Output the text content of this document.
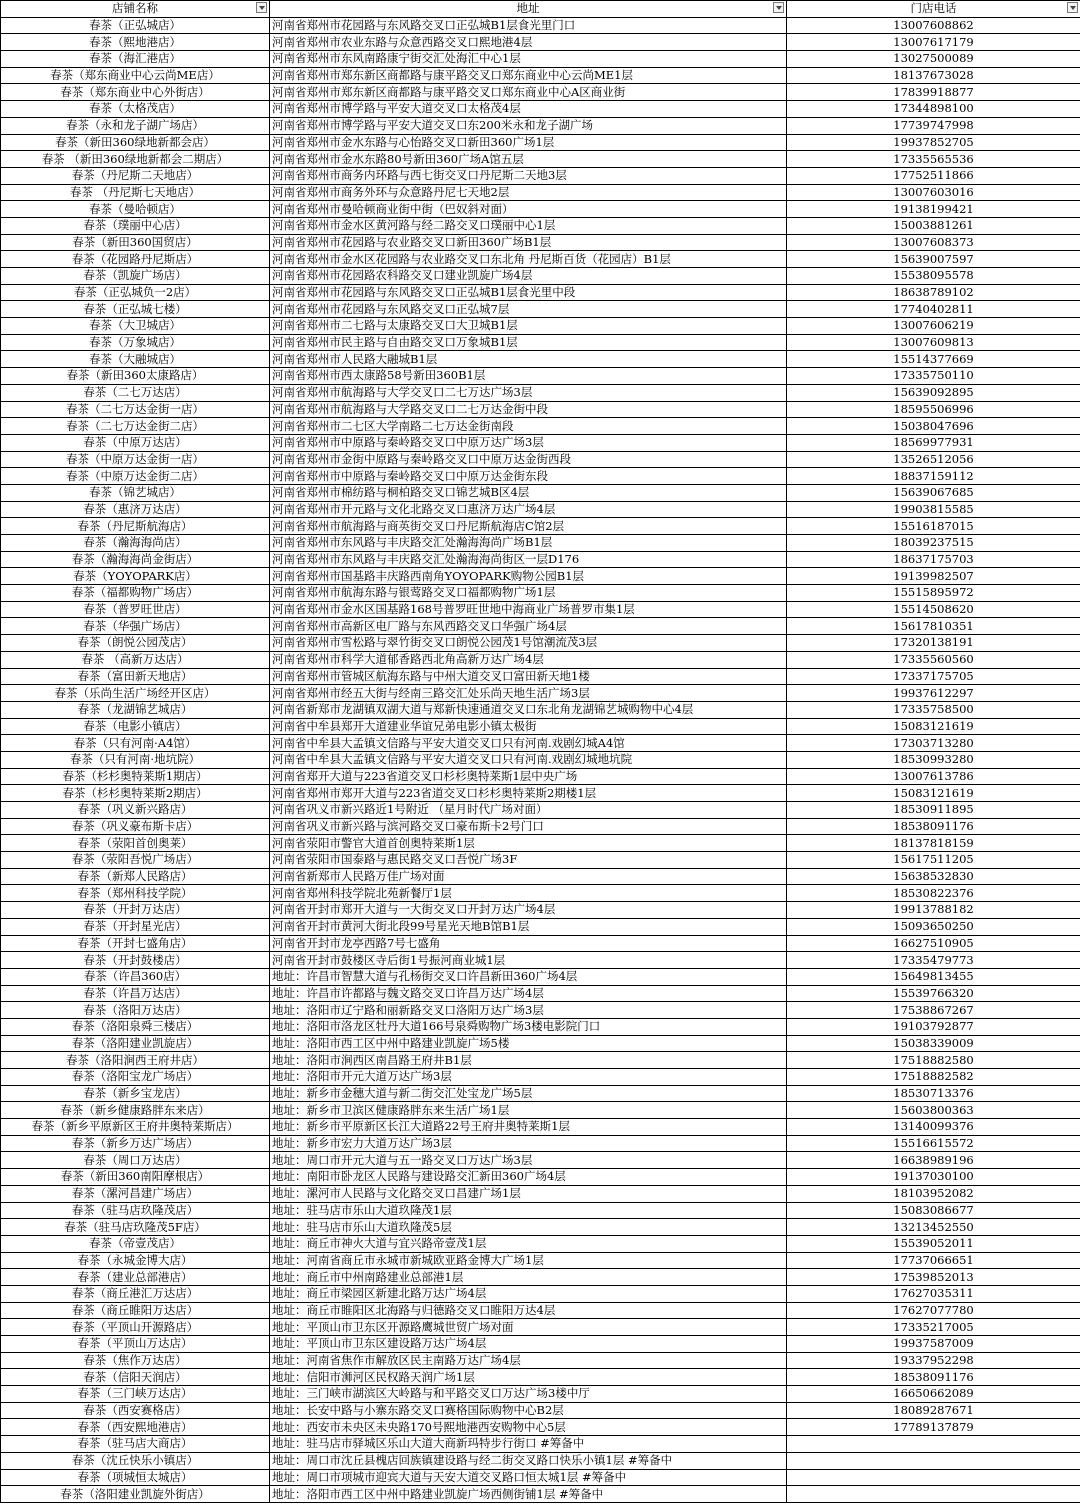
店铺名称	地址	门店电话

春茶（正弘城店）	河南省郑州市花园路与东风路交叉口正弘城B1层食光里门口	13007608862
春茶（熙地港店）	河南省郑州市农业东路与众意西路交叉口熙地港4层	13007617179
春茶（海汇港店）	河南省郑州市东风南路康宁街交汇处海汇中心1层	13027500089
春茶（郑东商业中心云尚ME店）	河南省郑州市郑东新区商都路与康平路交叉口郑东商业中心云尚ME1层	18137673028
春茶（郑东商业中心外街店）	河南省郑州市郑东新区商都路与康平路交叉口郑东商业中心A区商业街	17839918877
春茶（太格茂店）	河南省郑州市博学路与平安大道交叉口太格茂4层	17344898100
春茶（永和龙子湖广场店）	河南省郑州市博学路与平安大道交叉口东200米永和龙子湖广场	17739747998
春茶（新田360绿地新都会店）	河南省郑州市金水东路与心怡路交叉口新田360广场1层	19937852705
春茶 （新田360绿地新都会二期店）	河南省郑州市金水东路80号新田360广场A馆五层	17335565536
春茶（丹尼斯二天地店）	河南省郑州市商务内环路与西七街交叉口丹尼斯二天地3层	17752511866
春茶 （丹尼斯七天地店）	河南省郑州市商务外环与众意路丹尼七天地2层	13007603016
春茶（曼哈顿店）	河南省郑州市曼哈顿商业街中街（巴奴斜对面）	19138199421
春茶（璞丽中心店）	河南省郑州市金水区黄河路与经二路交叉口璞丽中心1层	15003881261
春茶（新田360国贸店）	河南省郑州市花园路与农业路交叉口新田360广场B1层	13007608373
春茶（花园路丹尼斯店）	河南省郑州市金水区花园路与农业路交叉口东北角 丹尼斯百货（花园店）B1层	15639007597
春茶（凯旋广场店）	河南省郑州市花园路农科路交叉口建业凯旋广场4层	15538095578
春茶（正弘城负一2店）	河南省郑州市花园路与东风路交叉口正弘城B1层食光里中段	18638789102
春茶（正弘城七楼）	河南省郑州市花园路与东风路交叉口正弘城7层	17740402811
春茶（大卫城店）	河南省郑州市二七路与太康路交叉口大卫城B1层	13007606219
春茶（万象城店）	河南省郑州市民主路与自由路交叉口万象城B1层	13007609813
春茶（大融城店）	河南省郑州市人民路大融城B1层	15514377669
春茶（新田360太康路店）	河南省郑州市西太康路58号新田360B1层	17335750110
春茶（二七万达店）	河南省郑州市航海路与大学交叉口二七万达广场3层	15639092895
春茶（二七万达金街一店）	河南省郑州市航海路与大学路交叉口二七万达金街中段	18595506996
春茶（二七万达金街二店）	河南省郑州市二七区大学南路二七万达金街南段	15038047696
春茶（中原万达店）	河南省郑州市中原路与秦岭路交叉口中原万达广场3层	18569977931
春茶（中原万达金街一店）	河南省郑州市金街中原路与秦岭路交叉口中原万达金街西段	13526512056
春茶（中原万达金街二店）	河南省郑州市中原路与秦岭路交叉口中原万达金街东段	18837159112
春茶（锦艺城店）	河南省郑州市棉纺路与桐柏路交叉口锦艺城B区4层	15639067685
春茶（惠济万达店）	河南省郑州市开元路与文化北路交叉口惠济万达广场4层	19903815585
春茶（丹尼斯航海店）	河南省郑州市航海路与商英街交叉口丹尼斯航海店C馆2层	15516187015
春茶（瀚海海尚店）	河南省郑州市东风路与丰庆路交汇处瀚海海尚广场B1层	18039237515
春茶（瀚海海尚金街店）	河南省郑州市东风路与丰庆路交汇处瀚海海尚街区一层D176	18637175703
春茶（YOYOPARK店）	河南省郑州市国基路丰庆路西南角YOYOPARK购物公园B1层	19139982507
春茶（福都购物广场店）	河南省郑州市航海东路与银莺路交叉口福都购物广场1层	15515895972
春茶（普罗旺世店）	河南省郑州市金水区国基路168号普罗旺世地中海商业广场普罗市集1层	15514508620
春茶（华强广场店）	河南省郑州市高新区电厂路与东风西路交叉口华强广场4层	15617810351
春茶（朗悦公园茂店）	河南省郑州市雪松路与翠竹街交叉口朗悦公园茂1号馆潮流茂3层	17320138191
春茶 （高新万达店）	河南省郑州市科学大道郁香路西北角高新万达广场4层	17335560560
春茶（富田新天地店）	河南省郑州市管城区航海东路与中州大道交叉口富田新天地1楼	17337175705
春茶（乐尚生活广场经开区店）	河南省郑州市经五大街与经南三路交汇处乐尚天地生活广场3层	19937612297
春茶（龙湖锦艺城店）	河南省新郑市龙湖镇双湖大道与郑新快速通道交叉口东北角龙湖锦艺城购物中心4层	17335758500
春茶（电影小镇店）	河南省中牟县郑开大道建业华谊兄弟电影小镇太极街	15083121619
春茶（只有河南·A4馆）	河南省中牟县大孟镇文信路与平安大道交叉口只有河南.戏剧幻城A4馆	17303713280
春茶（只有河南·地坑院）	河南省中牟县大孟镇文信路与平安大道交叉口只有河南.戏剧幻城地坑院	18530993280
春茶（杉杉奥特莱斯1期店）	河南省郑开大道与223省道交叉口杉杉奥特莱斯1层中央广场	13007613786
春茶（杉杉奥特莱斯2期店）	河南省郑州市郑开大道与223省道交叉口杉杉奥特莱斯2期楼1层	15083121619
春茶（巩义新兴路店）	河南省巩义市新兴路近1号附近 （星月时代广场对面）	18530911895
春茶（巩义豪布斯卡店）	河南省巩义市新兴路与滨河路交叉口豪布斯卡2号门口	18538091176
春茶（荥阳首创奥莱）	河南省荥阳市警官大道首创奥特莱斯1层	18137818159
春茶（荥阳吾悦广场店）	河南省荥阳市国泰路与惠民路交叉口吾悦广场3F	15617511205
春茶（新郑人民路店）	河南省新郑市人民路万佳广场对面	15638532830
春茶（郑州科技学院）	河南省郑州科技学院北苑新餐厅1层	18530822376
春茶（开封万达店）	河南省开封市郑开大道与一大街交叉口开封万达广场4层	19913788182
春茶（开封星光店）	河南省开封市黄河大街北段99号星光天地B馆B1层	15093650250
春茶（开封七盛角店）	河南省开封市龙亭西路7号七盛角	16627510905
春茶（开封鼓楼店）	河南省开封市鼓楼区寺后街1号振河商业城1层	17335479773
春茶（许昌360店）	地址：许昌市智慧大道与孔杨街交叉口许昌新田360广场4层	15649813455
春茶（许昌万达店）	地址：许昌市许都路与魏文路交叉口许昌万达广场4层	15539766320
春茶（洛阳万达店）	地址：洛阳市辽宁路和丽新路交叉口洛阳万达广场3层	17538867267
春茶（洛阳泉舜三楼店）	地址：洛阳市洛龙区牡丹大道166号泉舜购物广场3楼电影院门口	19103792877
春茶（洛阳建业凯旋店）	地址：洛阳市西工区中州中路建业凯旋广场5楼	15038339009
春茶（洛阳涧西王府井店）	地址：洛阳市涧西区南昌路王府井B1层	17518882580
春茶（洛阳宝龙广场店）	地址：洛阳市开元大道万达广场3层	17518882582
春茶（新乡宝龙店）	地址：新乡市金穗大道与新二街交汇处宝龙广场5层	18530713376
春茶（新乡健康路胖东来店）	地址：新乡市卫滨区健康路胖东来生活广场1层	15603800363
春茶（新乡平原新区王府井奥特莱斯店）	地址：新乡市平原新区长江大道路22号王府井奥特莱斯1层	13140099376
春茶（新乡万达广场店）	地址：新乡市宏力大道万达广场3层	15516615572
春茶（周口万达店）	地址：周口市开元大道与五一路交叉口万达广场3层	16638989196
春茶（新田360南阳摩根店）	地址：南阳市卧龙区人民路与建设路交汇新田360广场4层	19137030100
春茶（漯河昌建广场店）	地址：漯河市人民路与文化路交叉口昌建广场1层	18103952082
春茶（驻马店玖隆茂店）	地址：驻马店市乐山大道玖隆茂1层	15083086677
春茶（驻马店玖隆茂5F店）	地址：驻马店市乐山大道玖隆茂5层	13213452550
春茶（帝壹茂店）	地址：商丘市神火大道与宜兴路帝壹茂1层	15539052011
春茶（永城金博大店）	地址：河南省商丘市永城市新城欧亚路金博大广场1层	17737066651
春茶（建业总部港店）	地址：商丘市中州南路建业总部港1层	17539852013
春茶（商丘港汇万达店）	地址：商丘市梁园区新建北路万达广场4层	17627035311
春茶（商丘睢阳万达店）	地址：商丘市睢阳区北海路与归德路交叉口睢阳万达4层	17627077780
春茶（平顶山开源路店）	地址：平顶山市卫东区开源路鹰城世贸广场对面	17335217005
春茶（平顶山万达店）	地址：平顶山市卫东区建设路万达广场4层	19937587009
春茶（焦作万达店）	地址：河南省焦作市解放区民主南路万达广场4层	19337952298
春茶（信阳天润店）	地址：信阳市浉河区民权路天润广场1层	18538091176
春茶（三门峡万达店）	地址：三门峡市湖滨区大岭路与和平路交叉口万达广场3楼中厅	16650662089
春茶（西安赛格店）	地址：长安中路与小寨东路交叉口赛格国际购物中心B2层	18089287671
春茶（西安熙地港店）	地址：西安市未央区未央路170号熙地港西安购物中心5层	17789137879
春茶（驻马店大商店）	地址：驻马店市驿城区乐山大道大商新玛特步行街口 #筹备中	
春茶（沈丘快乐小镇店）	地址：周口市沈丘县槐店回族镇建设路与经二街交叉路口快乐小镇1层 #筹备中	
春茶（项城恒太城店）	地址：周口市项城市迎宾大道与天安大道交叉路口恒太城1层 #筹备中	
春茶（洛阳建业凯旋外街店）	地址：洛阳市西工区中州中路建业凯旋广场西侧街铺1层 #筹备中	
